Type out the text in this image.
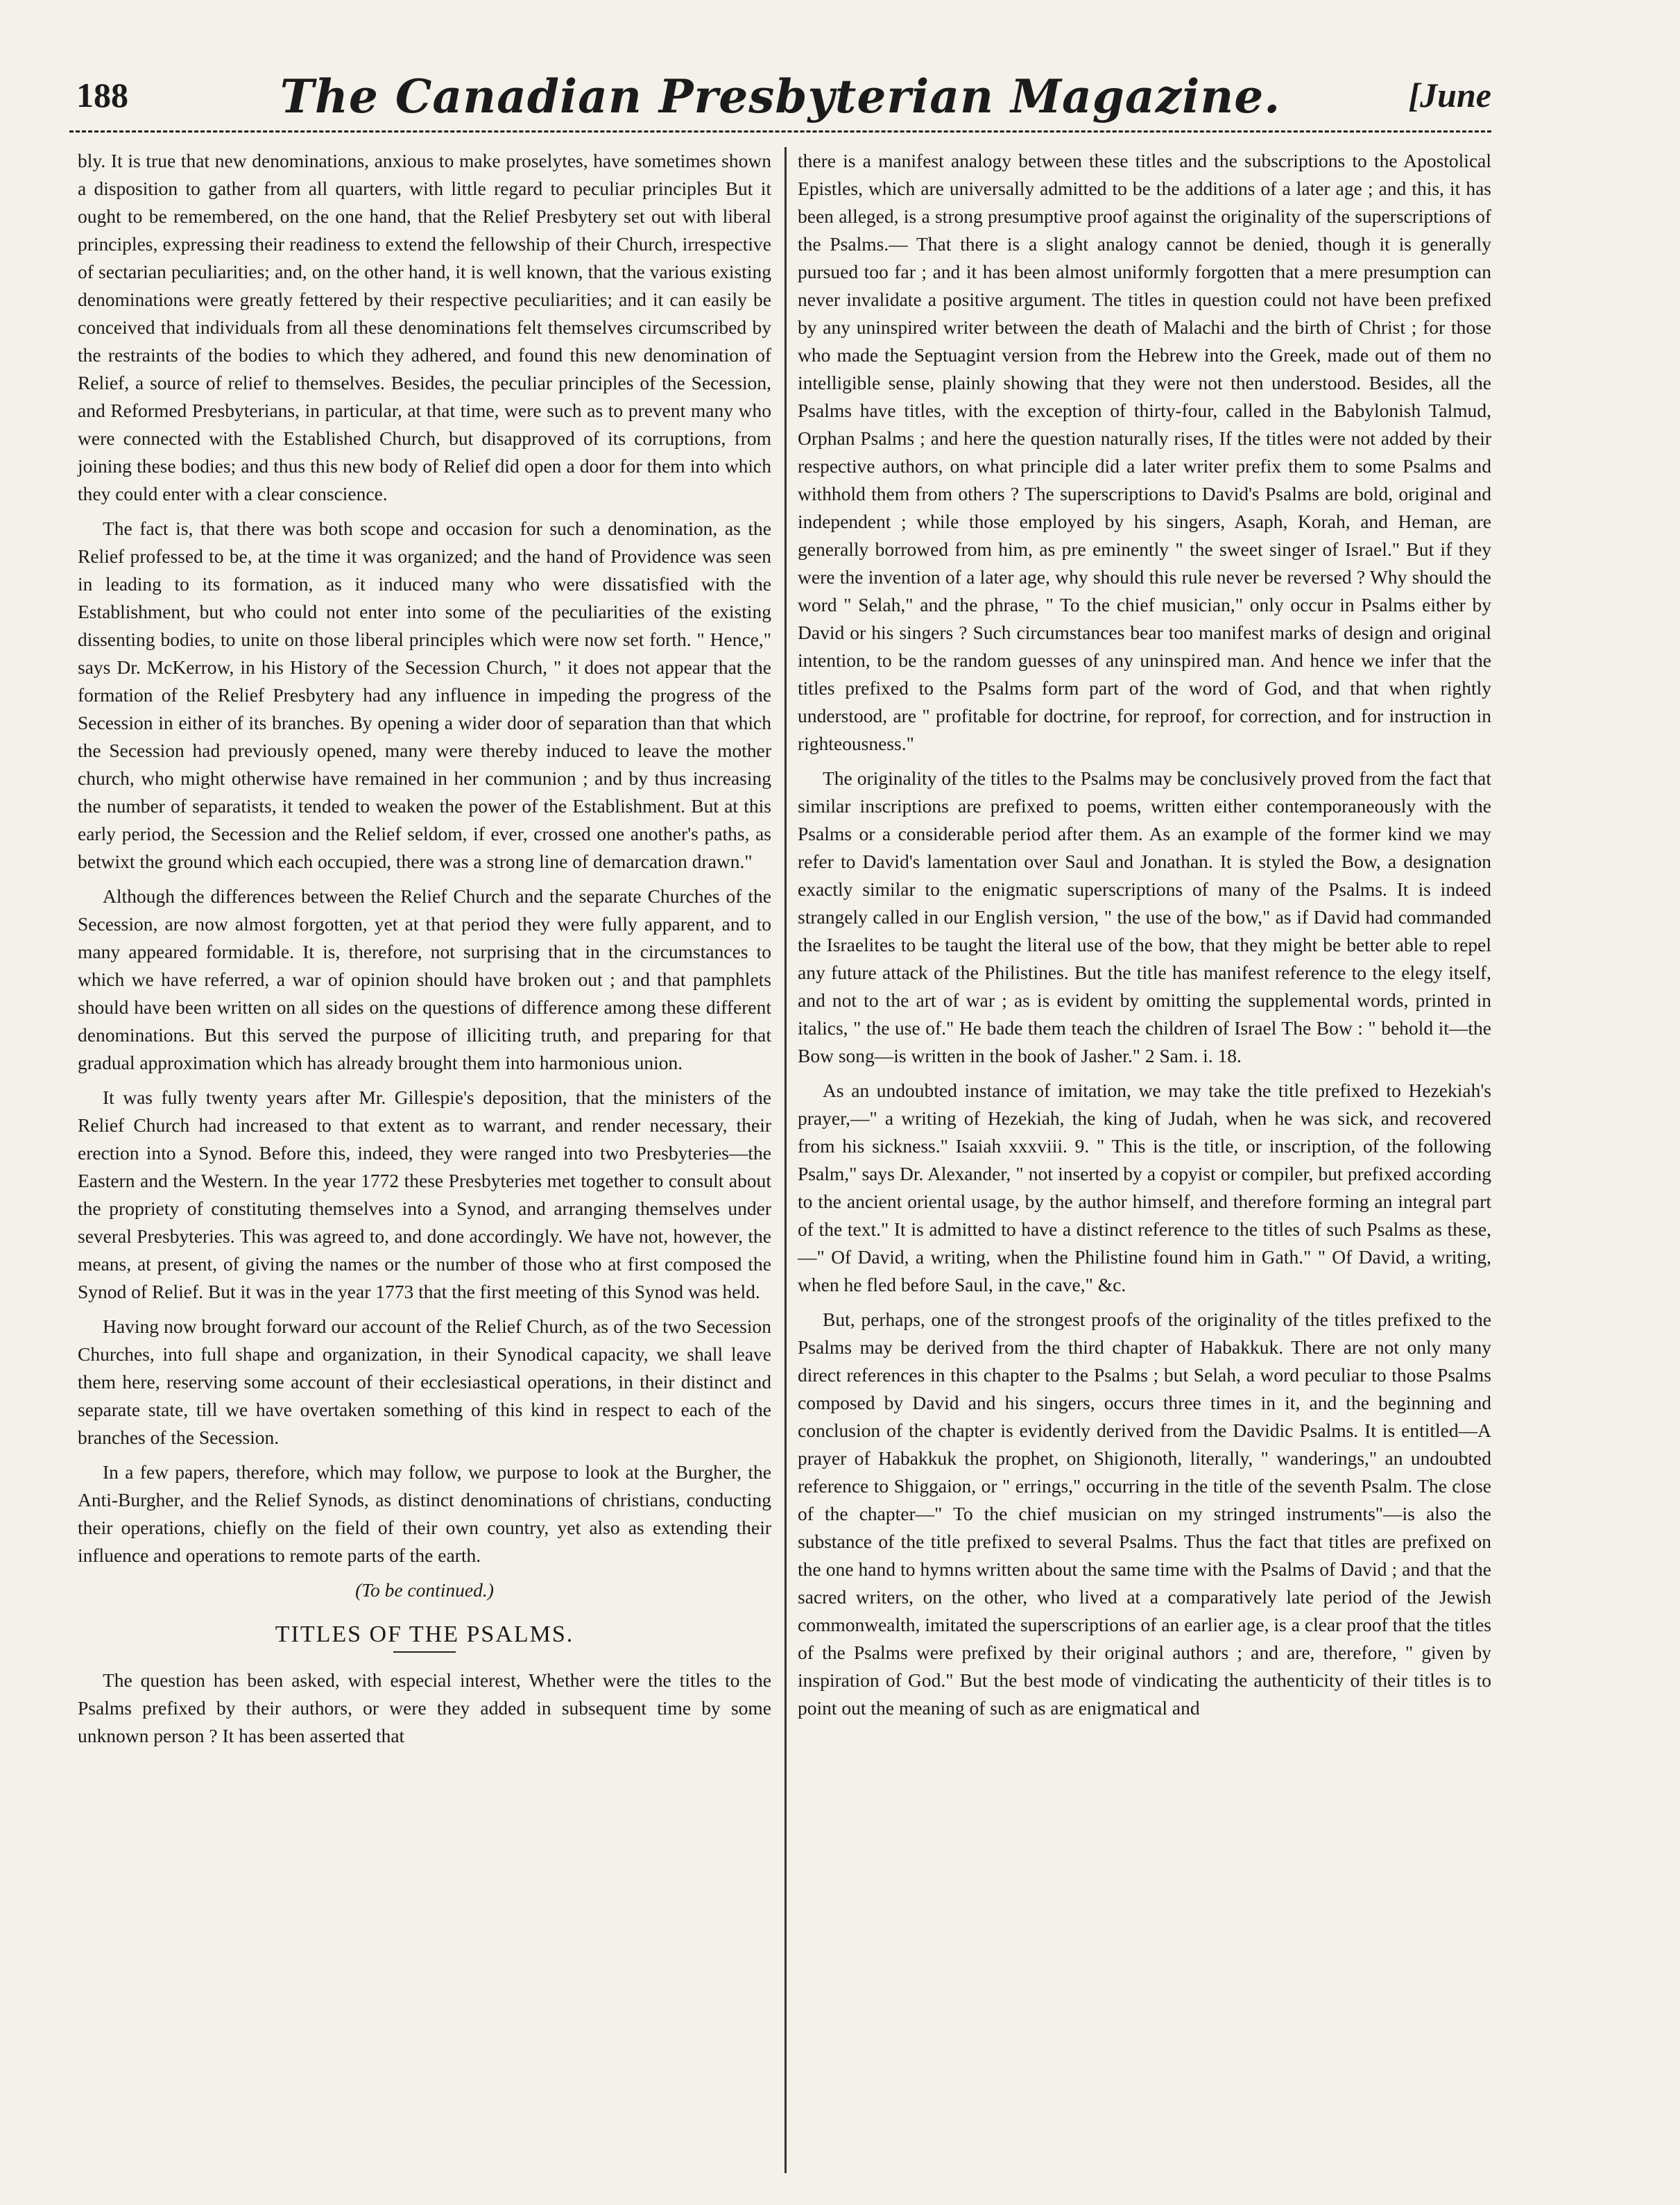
188	The Canadian Presbyterian Magazine.	[June

bly. It is true that new denominations, anxious to make proselytes, have sometimes shown a disposition to gather from all quarters, with little regard to peculiar principles But it ought to be remembered, on the one hand, that the Relief Presbytery set out with liberal principles, expressing their readiness to extend the fellowship of their Church, irrespective of sectarian peculiarities; and, on the other hand, it is well known, that the various existing denominations were greatly fettered by their respective peculiarities; and it can easily be conceived that individuals from all these denominations felt themselves circumscribed by the restraints of the bodies to which they adhered, and found this new denomination of Relief, a source of relief to themselves. Besides, the peculiar principles of the Secession, and Reformed Presbyterians, in particular, at that time, were such as to prevent many who were connected with the Established Church, but disapproved of its corruptions, from joining these bodies; and thus this new body of Relief did open a door for them into which they could enter with a clear conscience.

The fact is, that there was both scope and occasion for such a denomination, as the Relief professed to be, at the time it was organized; and the hand of Providence was seen in leading to its formation, as it induced many who were dissatisfied with the Establishment, but who could not enter into some of the peculiarities of the existing dissenting bodies, to unite on those liberal principles which were now set forth. " Hence," says Dr. McKerrow, in his History of the Secession Church, " it does not appear that the formation of the Relief Presbytery had any influence in impeding the progress of the Secession in either of its branches. By opening a wider door of separation than that which the Secession had previously opened, many were thereby induced to leave the mother church, who might otherwise have remained in her communion ; and by thus increasing the number of separatists, it tended to weaken the power of the Establishment. But at this early period, the Secession and the Relief seldom, if ever, crossed one another's paths, as betwixt the ground which each occupied, there was a strong line of demarcation drawn."

Although the differences between the Relief Church and the separate Churches of the Secession, are now almost forgotten, yet at that period they were fully apparent, and to many appeared formidable. It is, therefore, not surprising that in the circumstances to which we have referred, a war of opinion should have broken out ; and that pamphlets should have been written on all sides on the questions of difference among these different denominations. But this served the purpose of illiciting truth, and preparing for that gradual approximation which has already brought them into harmonious union.

It was fully twenty years after Mr. Gillespie's deposition, that the ministers of the Relief Church had increased to that extent as to warrant, and render necessary, their erection into a Synod. Before this, indeed, they were ranged into two Presbyteries—the Eastern and the Western. In the year 1772 these Presbyteries met together to consult about the propriety of constituting themselves into a Synod, and arranging themselves under several Presbyteries. This was agreed to, and done accordingly. We have not, however, the means, at present, of giving the names or the number of those who at first composed the Synod of Relief. But it was in the year 1773 that the first meeting of this Synod was held.

Having now brought forward our account of the Relief Church, as of the two Secession Churches, into full shape and organization, in their Synodical capacity, we shall leave them here, reserving some account of their ecclesiastical operations, in their distinct and separate state, till we have overtaken something of this kind in respect to each of the branches of the Secession.

In a few papers, therefore, which may follow, we purpose to look at the Burgher, the Anti-Burgher, and the Relief Synods, as distinct denominations of christians, conducting their operations, chiefly on the field of their own country, yet also as extending their influence and operations to remote parts of the earth.

(To be continued.)
TITLES OF THE PSALMS.

The question has been asked, with especial interest, Whether were the titles to the Psalms prefixed by their authors, or were they added in subsequent time by some unknown person ? It has been asserted that

there is a manifest analogy between these titles and the subscriptions to the Apostolical Epistles, which are universally admitted to be the additions of a later age ; and this, it has been alleged, is a strong presumptive proof against the originality of the superscriptions of the Psalms.— That there is a slight analogy cannot be denied, though it is generally pursued too far ; and it has been almost uniformly forgotten that a mere presumption can never invalidate a positive argument. The titles in question could not have been prefixed by any uninspired writer between the death of Malachi and the birth of Christ ; for those who made the Septuagint version from the Hebrew into the Greek, made out of them no intelligible sense, plainly showing that they were not then understood. Besides, all the Psalms have titles, with the exception of thirty-four, called in the Babylonish Talmud, Orphan Psalms ; and here the question naturally rises, If the titles were not added by their respective authors, on what principle did a later writer prefix them to some Psalms and withhold them from others ? The superscriptions to David's Psalms are bold, original and independent ; while those employed by his singers, Asaph, Korah, and Heman, are generally borrowed from him, as pre eminently " the sweet singer of Israel." But if they were the invention of a later age, why should this rule never be reversed ? Why should the word " Selah," and the phrase, " To the chief musician," only occur in Psalms either by David or his singers ? Such circumstances bear too manifest marks of design and original intention, to be the random guesses of any uninspired man. And hence we infer that the titles prefixed to the Psalms form part of the word of God, and that when rightly understood, are " profitable for doctrine, for reproof, for correction, and for instruction in righteousness."

The originality of the titles to the Psalms may be conclusively proved from the fact that similar inscriptions are prefixed to poems, written either contemporaneously with the Psalms or a considerable period after them. As an example of the former kind we may refer to David's lamentation over Saul and Jonathan. It is styled the Bow, a designation exactly similar to the enigmatic superscriptions of many of the Psalms. It is indeed strangely called in our English version, " the use of the bow," as if David had commanded the Israelites to be taught the literal use of the bow, that they might be better able to repel any future attack of the Philistines. But the title has manifest reference to the elegy itself, and not to the art of war ; as is evident by omitting the supplemental words, printed in italics, " the use of." He bade them teach the children of Israel The Bow : " behold it—the Bow song—is written in the book of Jasher." 2 Sam. i. 18.

As an undoubted instance of imitation, we may take the title prefixed to Hezekiah's prayer,—" a writing of Hezekiah, the king of Judah, when he was sick, and recovered from his sickness." Isaiah xxxviii. 9. " This is the title, or inscription, of the following Psalm," says Dr. Alexander, " not inserted by a copyist or compiler, but prefixed according to the ancient oriental usage, by the author himself, and therefore forming an integral part of the text." It is admitted to have a distinct reference to the titles of such Psalms as these,—" Of David, a writing, when the Philistine found him in Gath." " Of David, a writing, when he fled before Saul, in the cave," &c.

But, perhaps, one of the strongest proofs of the originality of the titles prefixed to the Psalms may be derived from the third chapter of Habakkuk. There are not only many direct references in this chapter to the Psalms ; but Selah, a word peculiar to those Psalms composed by David and his singers, occurs three times in it, and the beginning and conclusion of the chapter is evidently derived from the Davidic Psalms. It is entitled—A prayer of Habakkuk the prophet, on Shigionoth, literally, " wanderings," an undoubted reference to Shiggaion, or " errings," occurring in the title of the seventh Psalm. The close of the chapter—" To the chief musician on my stringed instruments"—is also the substance of the title prefixed to several Psalms. Thus the fact that titles are prefixed on the one hand to hymns written about the same time with the Psalms of David ; and that the sacred writers, on the other, who lived at a comparatively late period of the Jewish commonwealth, imitated the superscriptions of an earlier age, is a clear proof that the titles of the Psalms were prefixed by their original authors ; and are, therefore, " given by inspiration of God." But the best mode of vindicating the authenticity of their titles is to point out the meaning of such as are enigmatical and
